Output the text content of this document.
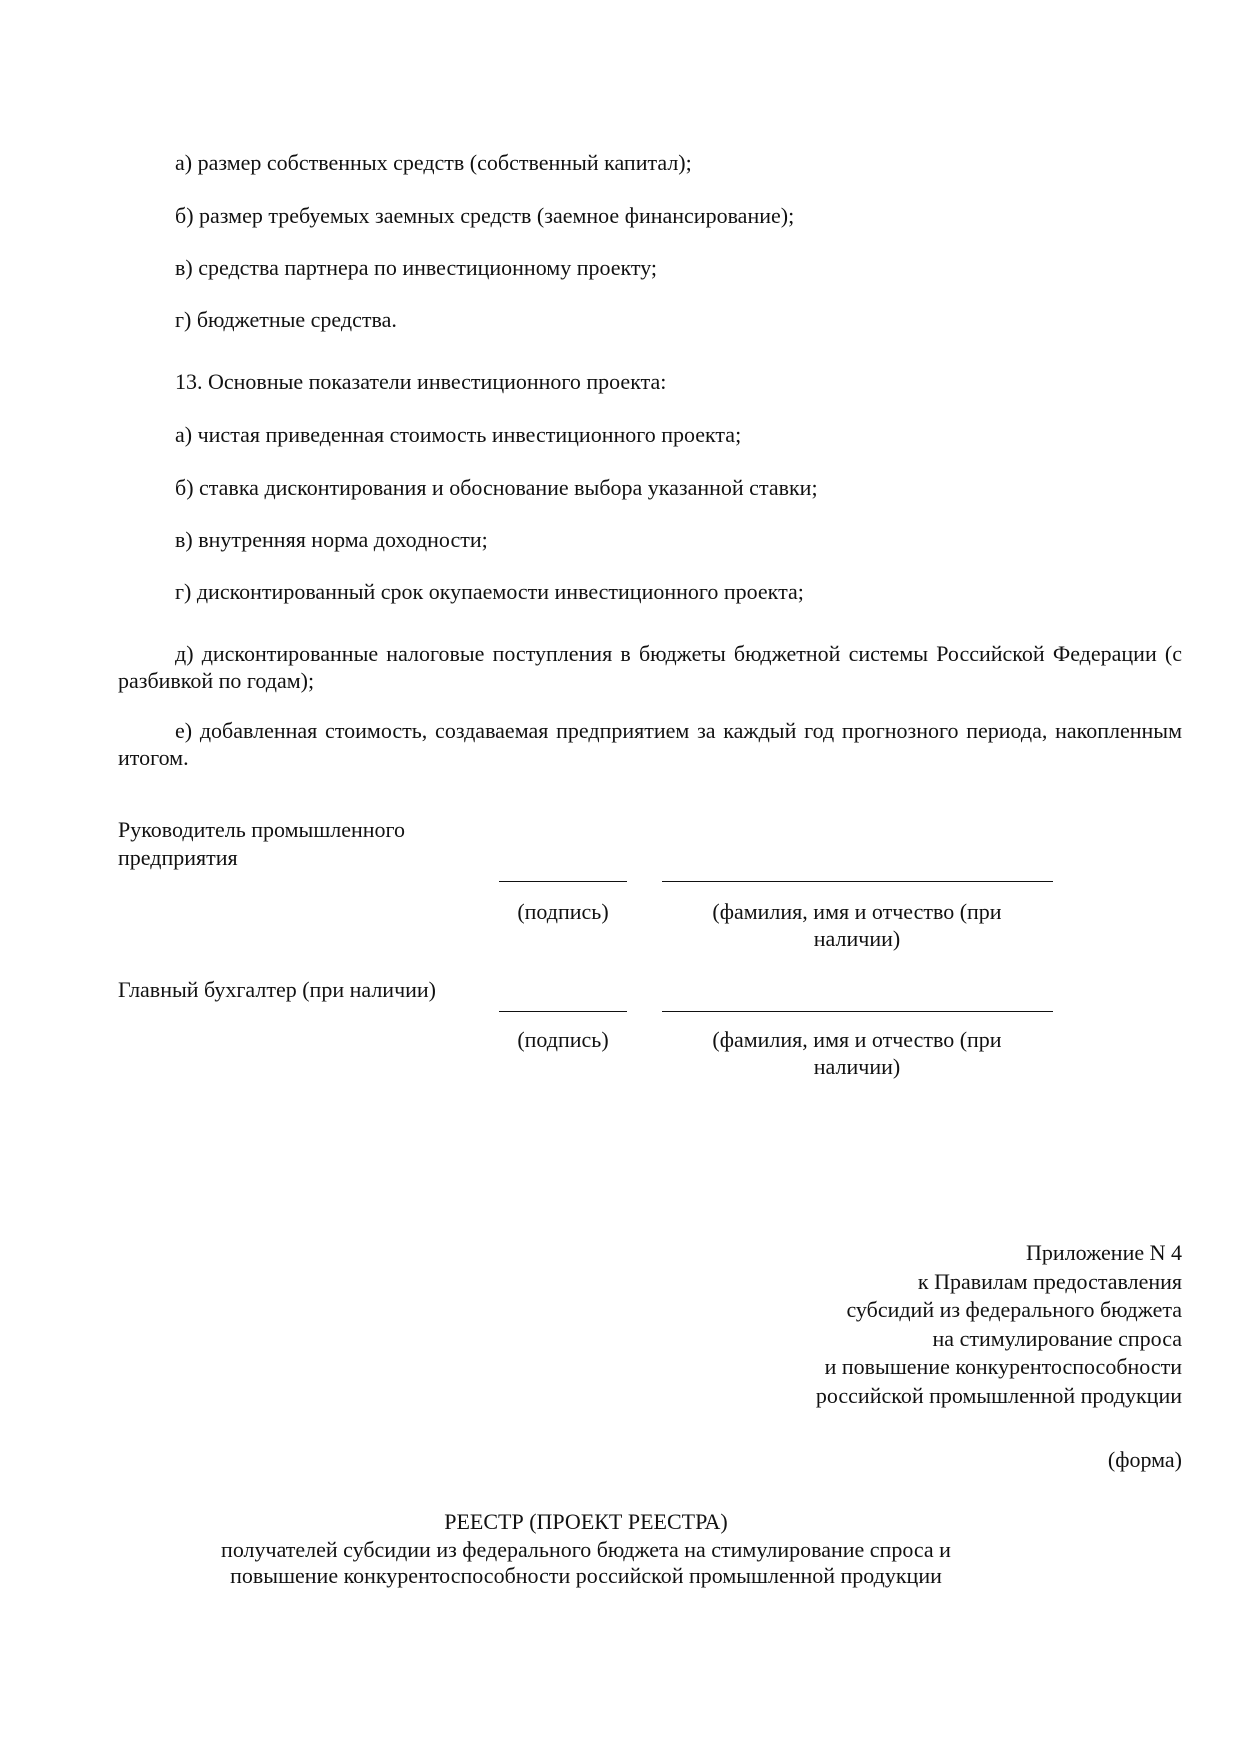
а) размер собственных средств (собственный капитал);
б) размер требуемых заемных средств (заемное финансирование);
в) средства партнера по инвестиционному проекту;
г) бюджетные средства.
13. Основные показатели инвестиционного проекта:
а) чистая приведенная стоимость инвестиционного проекта;
б) ставка дисконтирования и обоснование выбора указанной ставки;
в) внутренняя норма доходности;
г) дисконтированный срок окупаемости инвестиционного проекта;
д) дисконтированные налоговые поступления в бюджеты бюджетной системы Российской Федерации (с разбивкой по годам);
е) добавленная стоимость, создаваемая предприятием за каждый год прогнозного периода, накопленным итогом.
Руководитель промышленного
предприятия
(подпись)	(фамилия, имя и отчество (при наличии)
Главный бухгалтер (при наличии)
(подпись)	(фамилия, имя и отчество (при наличии)
Приложение N 4
к Правилам предоставления
субсидий из федерального бюджета
на стимулирование спроса
и повышение конкурентоспособности
российской промышленной продукции
(форма)
РЕЕСТР (ПРОЕКТ РЕЕСТРА)
получателей субсидии из федерального бюджета на стимулирование спроса и
повышение конкурентоспособности российской промышленной продукции
